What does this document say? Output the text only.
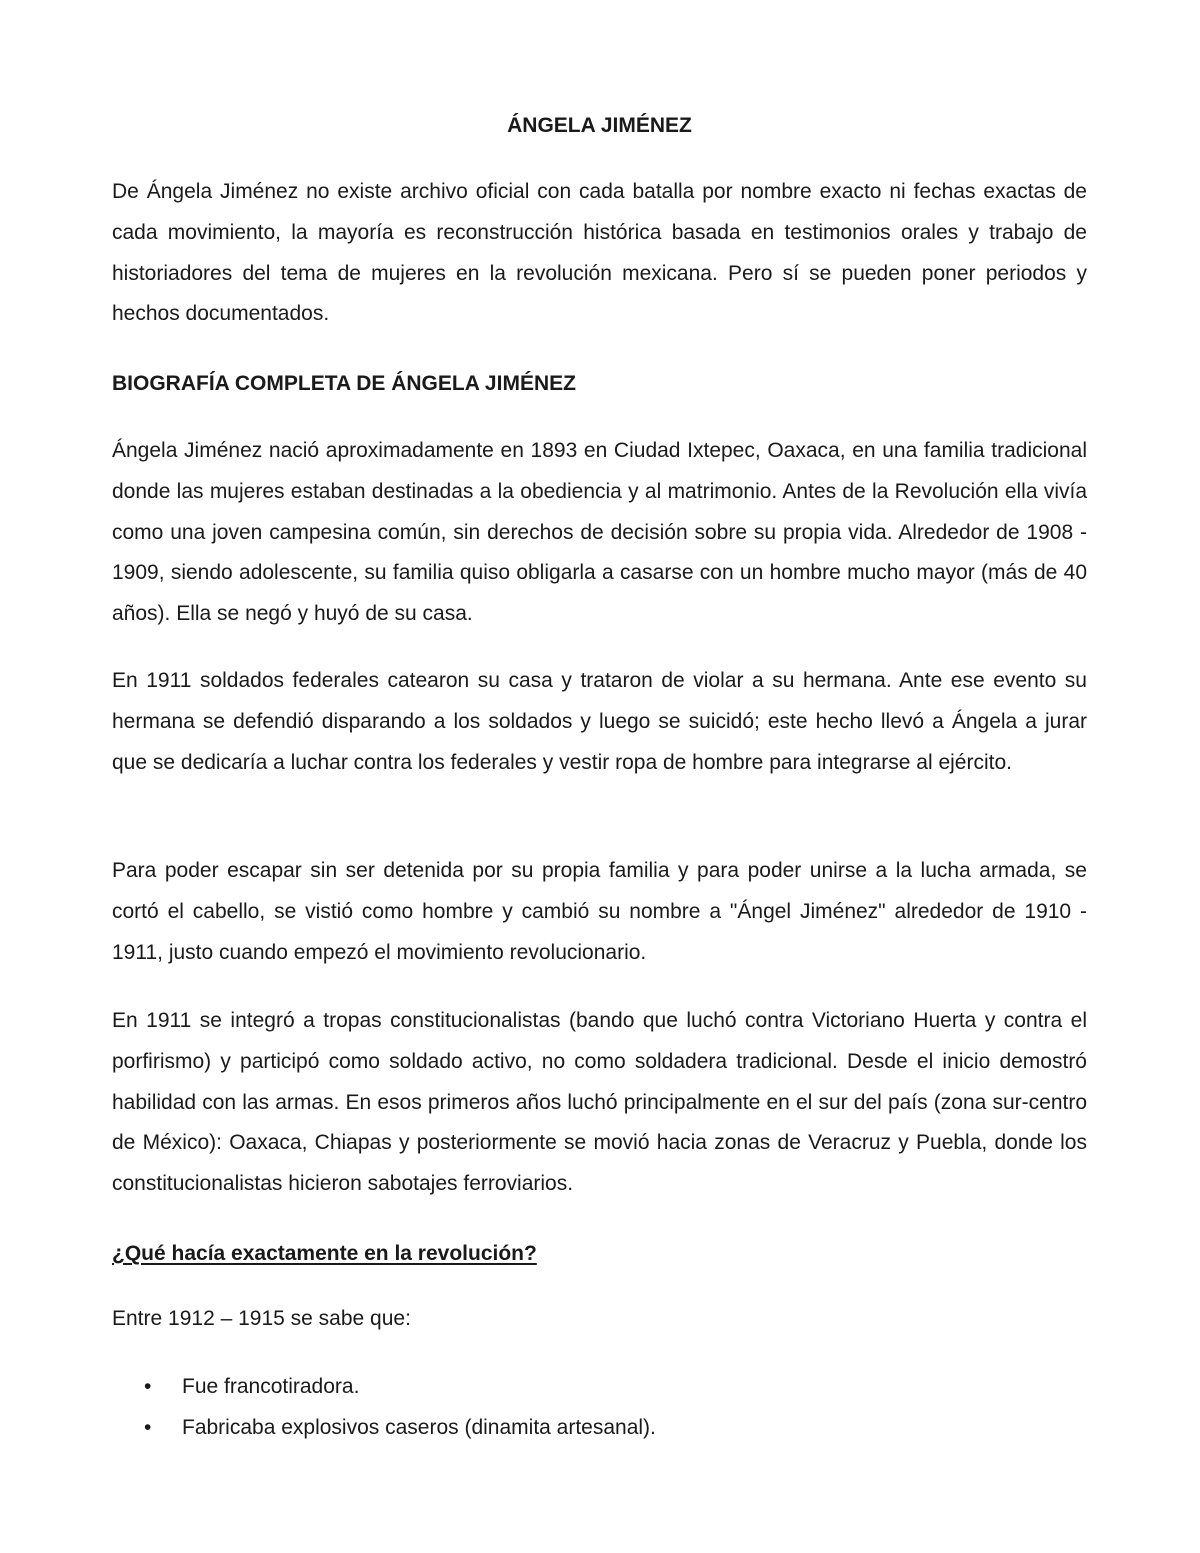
ÁNGELA JIMÉNEZ

De Ángela Jiménez no existe archivo oficial con cada batalla por nombre exacto ni fechas exactas de cada movimiento, la mayoría es reconstrucción histórica basada en testimonios orales y trabajo de historiadores del tema de mujeres en la revolución mexicana. Pero sí se pueden poner periodos y hechos documentados.

BIOGRAFÍA COMPLETA DE ÁNGELA JIMÉNEZ

Ángela Jiménez nació aproximadamente en 1893 en Ciudad Ixtepec, Oaxaca, en una familia tradicional donde las mujeres estaban destinadas a la obediencia y al matrimonio. Antes de la Revolución ella vivía como una joven campesina común, sin derechos de decisión sobre su propia vida. Alrededor de 1908 - 1909, siendo adolescente, su familia quiso obligarla a casarse con un hombre mucho mayor (más de 40 años). Ella se negó y huyó de su casa.

En 1911 soldados federales catearon su casa y trataron de violar a su hermana. Ante ese evento su hermana se defendió disparando a los soldados y luego se suicidó; este hecho llevó a Ángela a jurar que se dedicaría a luchar contra los federales y vestir ropa de hombre para integrarse al ejército.

Para poder escapar sin ser detenida por su propia familia y para poder unirse a la lucha armada, se cortó el cabello, se vistió como hombre y cambió su nombre a "Ángel Jiménez" alrededor de 1910 - 1911, justo cuando empezó el movimiento revolucionario.

En 1911 se integró a tropas constitucionalistas (bando que luchó contra Victoriano Huerta y contra el porfirismo) y participó como soldado activo, no como soldadera tradicional. Desde el inicio demostró habilidad con las armas. En esos primeros años luchó principalmente en el sur del país (zona sur-centro de México): Oaxaca, Chiapas y posteriormente se movió hacia zonas de Veracruz y Puebla, donde los constitucionalistas hicieron sabotajes ferroviarios.

¿Qué hacía exactamente en la revolución?

Entre 1912 – 1915 se sabe que:

• Fue francotiradora.
• Fabricaba explosivos caseros (dinamita artesanal).
